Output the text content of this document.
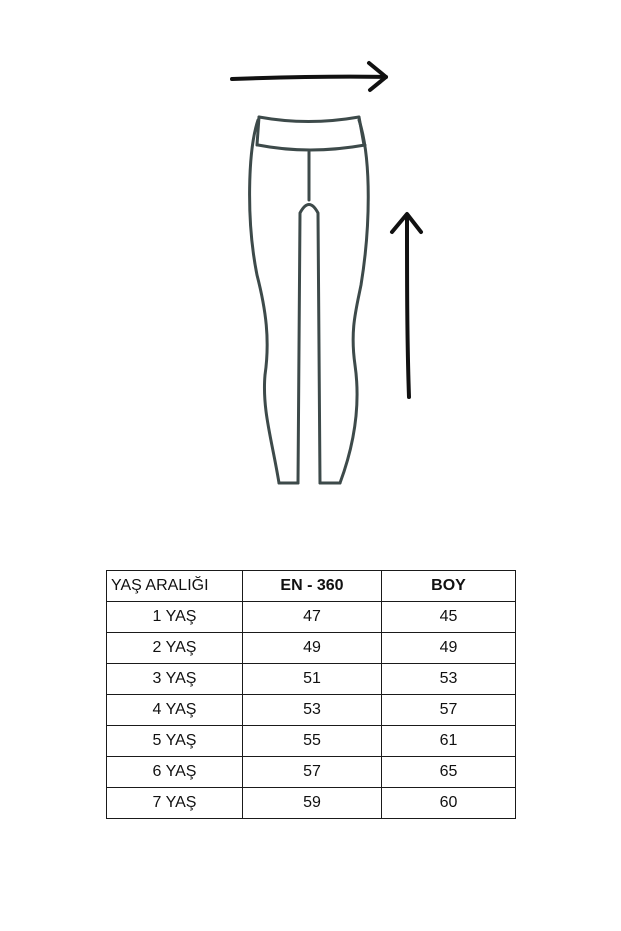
YAŞ ARALIĞI	EN - 360	BOY
1 YAŞ	47	45
2 YAŞ	49	49
3 YAŞ	51	53
4 YAŞ	53	57
5 YAŞ	55	61
6 YAŞ	57	65
7 YAŞ	59	60
